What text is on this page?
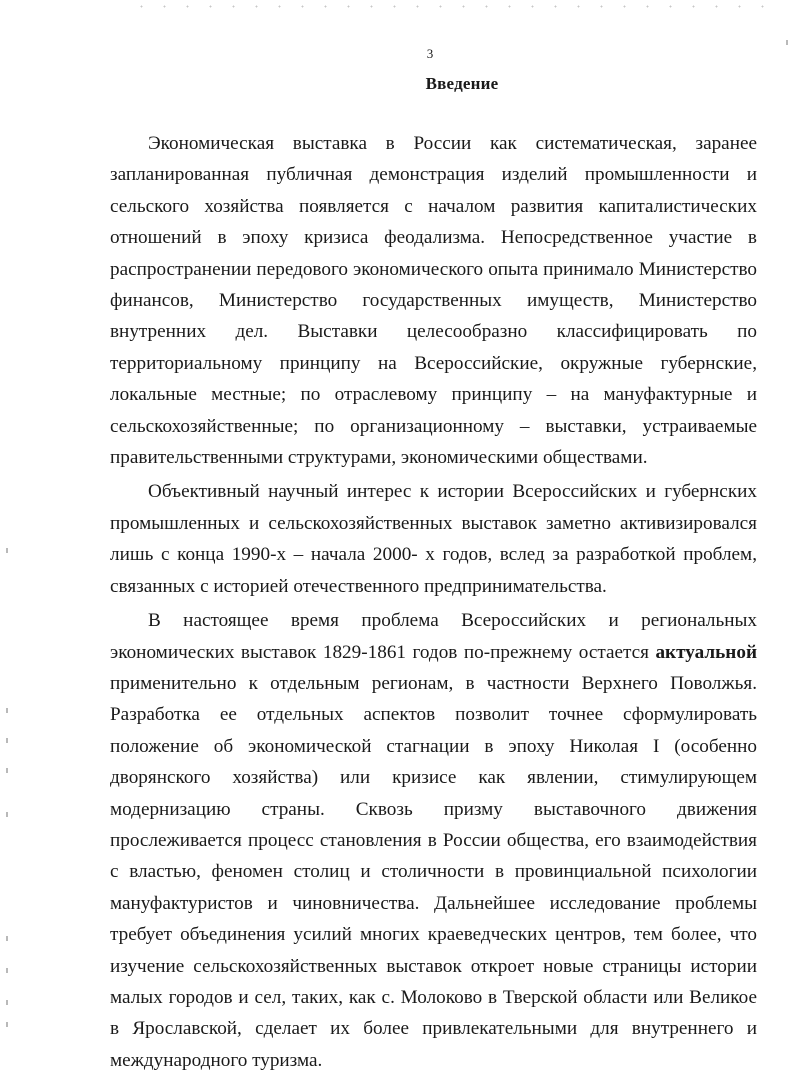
3
Введение

Экономическая выставка в России как систематическая, заранее запланированная публичная демонстрация изделий промышленности и сельского хозяйства появляется с началом развития капиталистических отношений в эпоху кризиса феодализма. Непосредственное участие в распространении передового экономического опыта принимало Министерство финансов, Министерство государственных имуществ, Министерство внутренних дел. Выставки целесообразно классифицировать по территориальному принципу на Всероссийские, окружные губернские, локальные местные; по отраслевому принципу – на мануфактурные и сельскохозяйственные; по организационному – выставки, устраиваемые правительственными структурами, экономическими обществами.

Объективный научный интерес к истории Всероссийских и губернских промышленных и сельскохозяйственных выставок заметно активизировался лишь с конца 1990-х – начала 2000- х годов, вслед за разработкой проблем, связанных с историей отечественного предпринимательства.

В настоящее время проблема Всероссийских и региональных экономических выставок 1829-1861 годов по-прежнему остается актуальной применительно к отдельным регионам, в частности Верхнего Поволжья. Разработка ее отдельных аспектов позволит точнее сформулировать положение об экономической стагнации в эпоху Николая I (особенно дворянского хозяйства) или кризисе как явлении, стимулирующем модернизацию страны. Сквозь призму выставочного движения прослеживается процесс становления в России общества, его взаимодействия с властью, феномен столиц и столичности в провинциальной психологии мануфактуристов и чиновничества. Дальнейшее исследование проблемы требует объединения усилий многих краеведческих центров, тем более, что изучение сельскохозяйственных выставок откроет новые страницы истории малых городов и сел, таких, как с. Молоково в Тверской области или Великое в Ярославской, сделает их более привлекательными для внутреннего и международного туризма.
